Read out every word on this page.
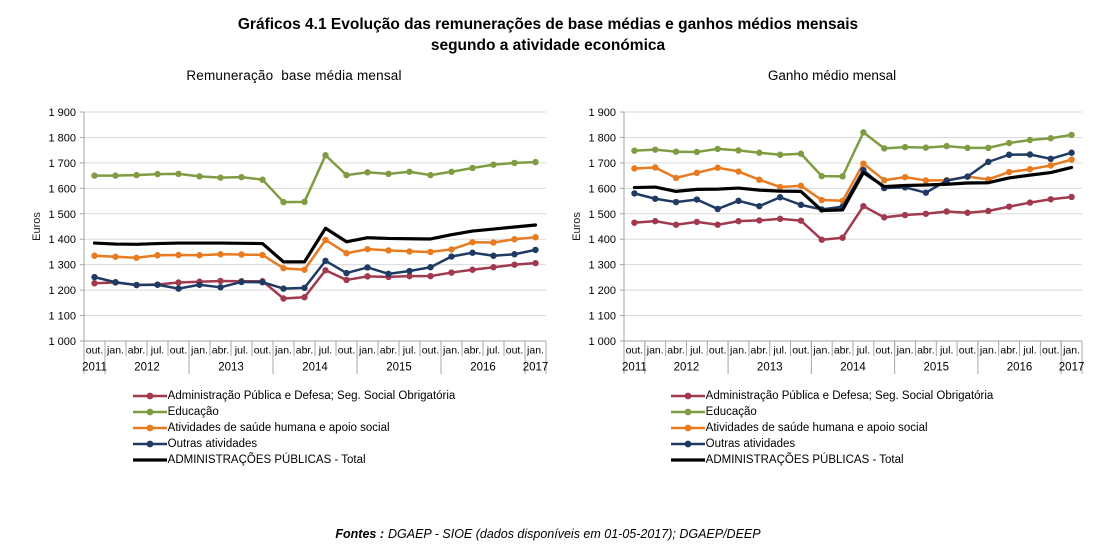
Gráficos 4.1 Evolução das remunerações de base médias e ganhos médios mensais
segundo a atividade económica
Remuneração  base média mensal
1 000
1 100
1 200
1 300
1 400
1 500
1 600
1 700
1 800
1 900
Euros
out. jan. abr. jul. out. jan. abr. jul. out. jan. abr. jul. out. jan. abr. jul. out. jan. abr. jul. out. jan.
2011 2012	2013	2014	2015	2016 2017
Administração Pública e Defesa; Seg. Social Obrigatória
Educação
Atividades de saúde humana e apoio social
Outras atividades
ADMINISTRAÇÕES PÚBLICAS - Total
Ganho médio mensal
1 000
1 100
1 200
1 300
1 400
1 500
1 600
1 700
1 800
1 900
Euros
out. jan. abr. jul. out. jan. abr. jul. out. jan. abr. jul. out. jan. abr. jul. out. jan. abr. jul. out. jan.
2011 2012	2013	2014	2015	2016 2017
Administração Pública e Defesa; Seg. Social Obrigatória
Educação
Atividades de saúde humana e apoio social
Outras atividades
ADMINISTRAÇÕES PÚBLICAS - Total
Fontes : DGAEP - SIOE (dados disponíveis em 01-05-2017); DGAEP/DEEP
